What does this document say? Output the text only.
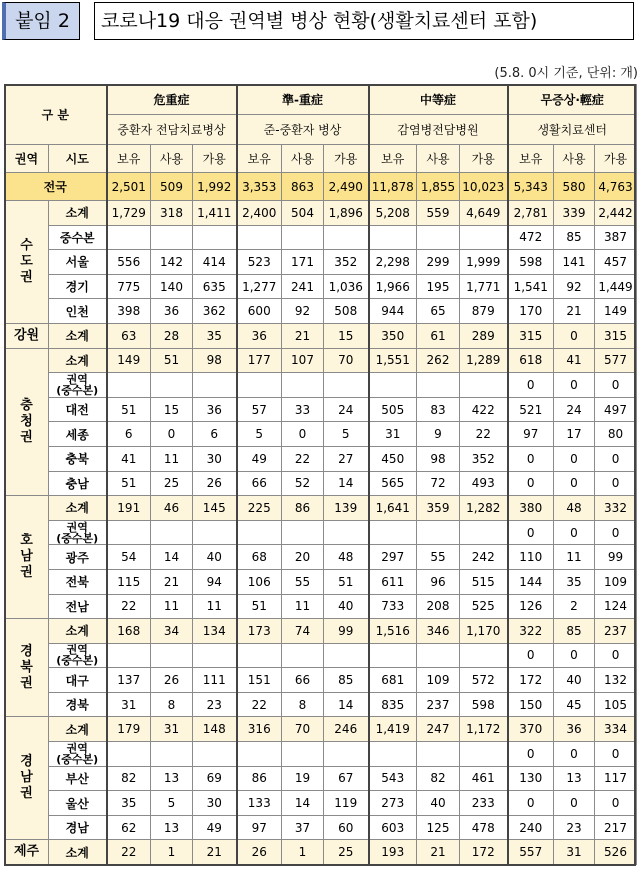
붙임 2	코로나19 대응 권역별 병상 현황(생활치료센터 포함)
(5.8. 0시 기준, 단위: 개)
구 분		危重症			準-重症			中等症			무증상·輕症		
		중환자 전담치료병상			준-중환자 병상			감염병전담병원			생활치료센터		
권역	시도	보유	사용	가용	보유	사용	가용	보유	사용	가용	보유	사용	가용
전국		2,501	509	1,992	3,353	863	2,490	11,878	1,855	10,023	5,343	580	4,763
수
도
권	소계	1,729	318	1,411	2,400	504	1,896	5,208	559	4,649	2,781	339	2,442
	중수본										472	85	387
	서울	556	142	414	523	171	352	2,298	299	1,999	598	141	457
	경기	775	140	635	1,277	241	1,036	1,966	195	1,771	1,541	92	1,449
	인천	398	36	362	600	92	508	944	65	879	170	21	149
강원	소계	63	28	35	36	21	15	350	61	289	315	0	315
충
청
권	소계	149	51	98	177	107	70	1,551	262	1,289	618	41	577
	권역
(중수본)										0	0	0
	대전	51	15	36	57	33	24	505	83	422	521	24	497
	세종	6	0	6	5	0	5	31	9	22	97	17	80
	충북	41	11	30	49	22	27	450	98	352	0	0	0
	충남	51	25	26	66	52	14	565	72	493	0	0	0
호
남
권	소계	191	46	145	225	86	139	1,641	359	1,282	380	48	332
	권역
(중수본)										0	0	0
	광주	54	14	40	68	20	48	297	55	242	110	11	99
	전북	115	21	94	106	55	51	611	96	515	144	35	109
	전남	22	11	11	51	11	40	733	208	525	126	2	124
경
북
권	소계	168	34	134	173	74	99	1,516	346	1,170	322	85	237
	권역
(중수본)										0	0	0
	대구	137	26	111	151	66	85	681	109	572	172	40	132
	경북	31	8	23	22	8	14	835	237	598	150	45	105
경
남
권	소계	179	31	148	316	70	246	1,419	247	1,172	370	36	334
	권역
(중수본)										0	0	0
	부산	82	13	69	86	19	67	543	82	461	130	13	117
	울산	35	5	30	133	14	119	273	40	233	0	0	0
	경남	62	13	49	97	37	60	603	125	478	240	23	217
제주	소계	22	1	21	26	1	25	193	21	172	557	31	526
